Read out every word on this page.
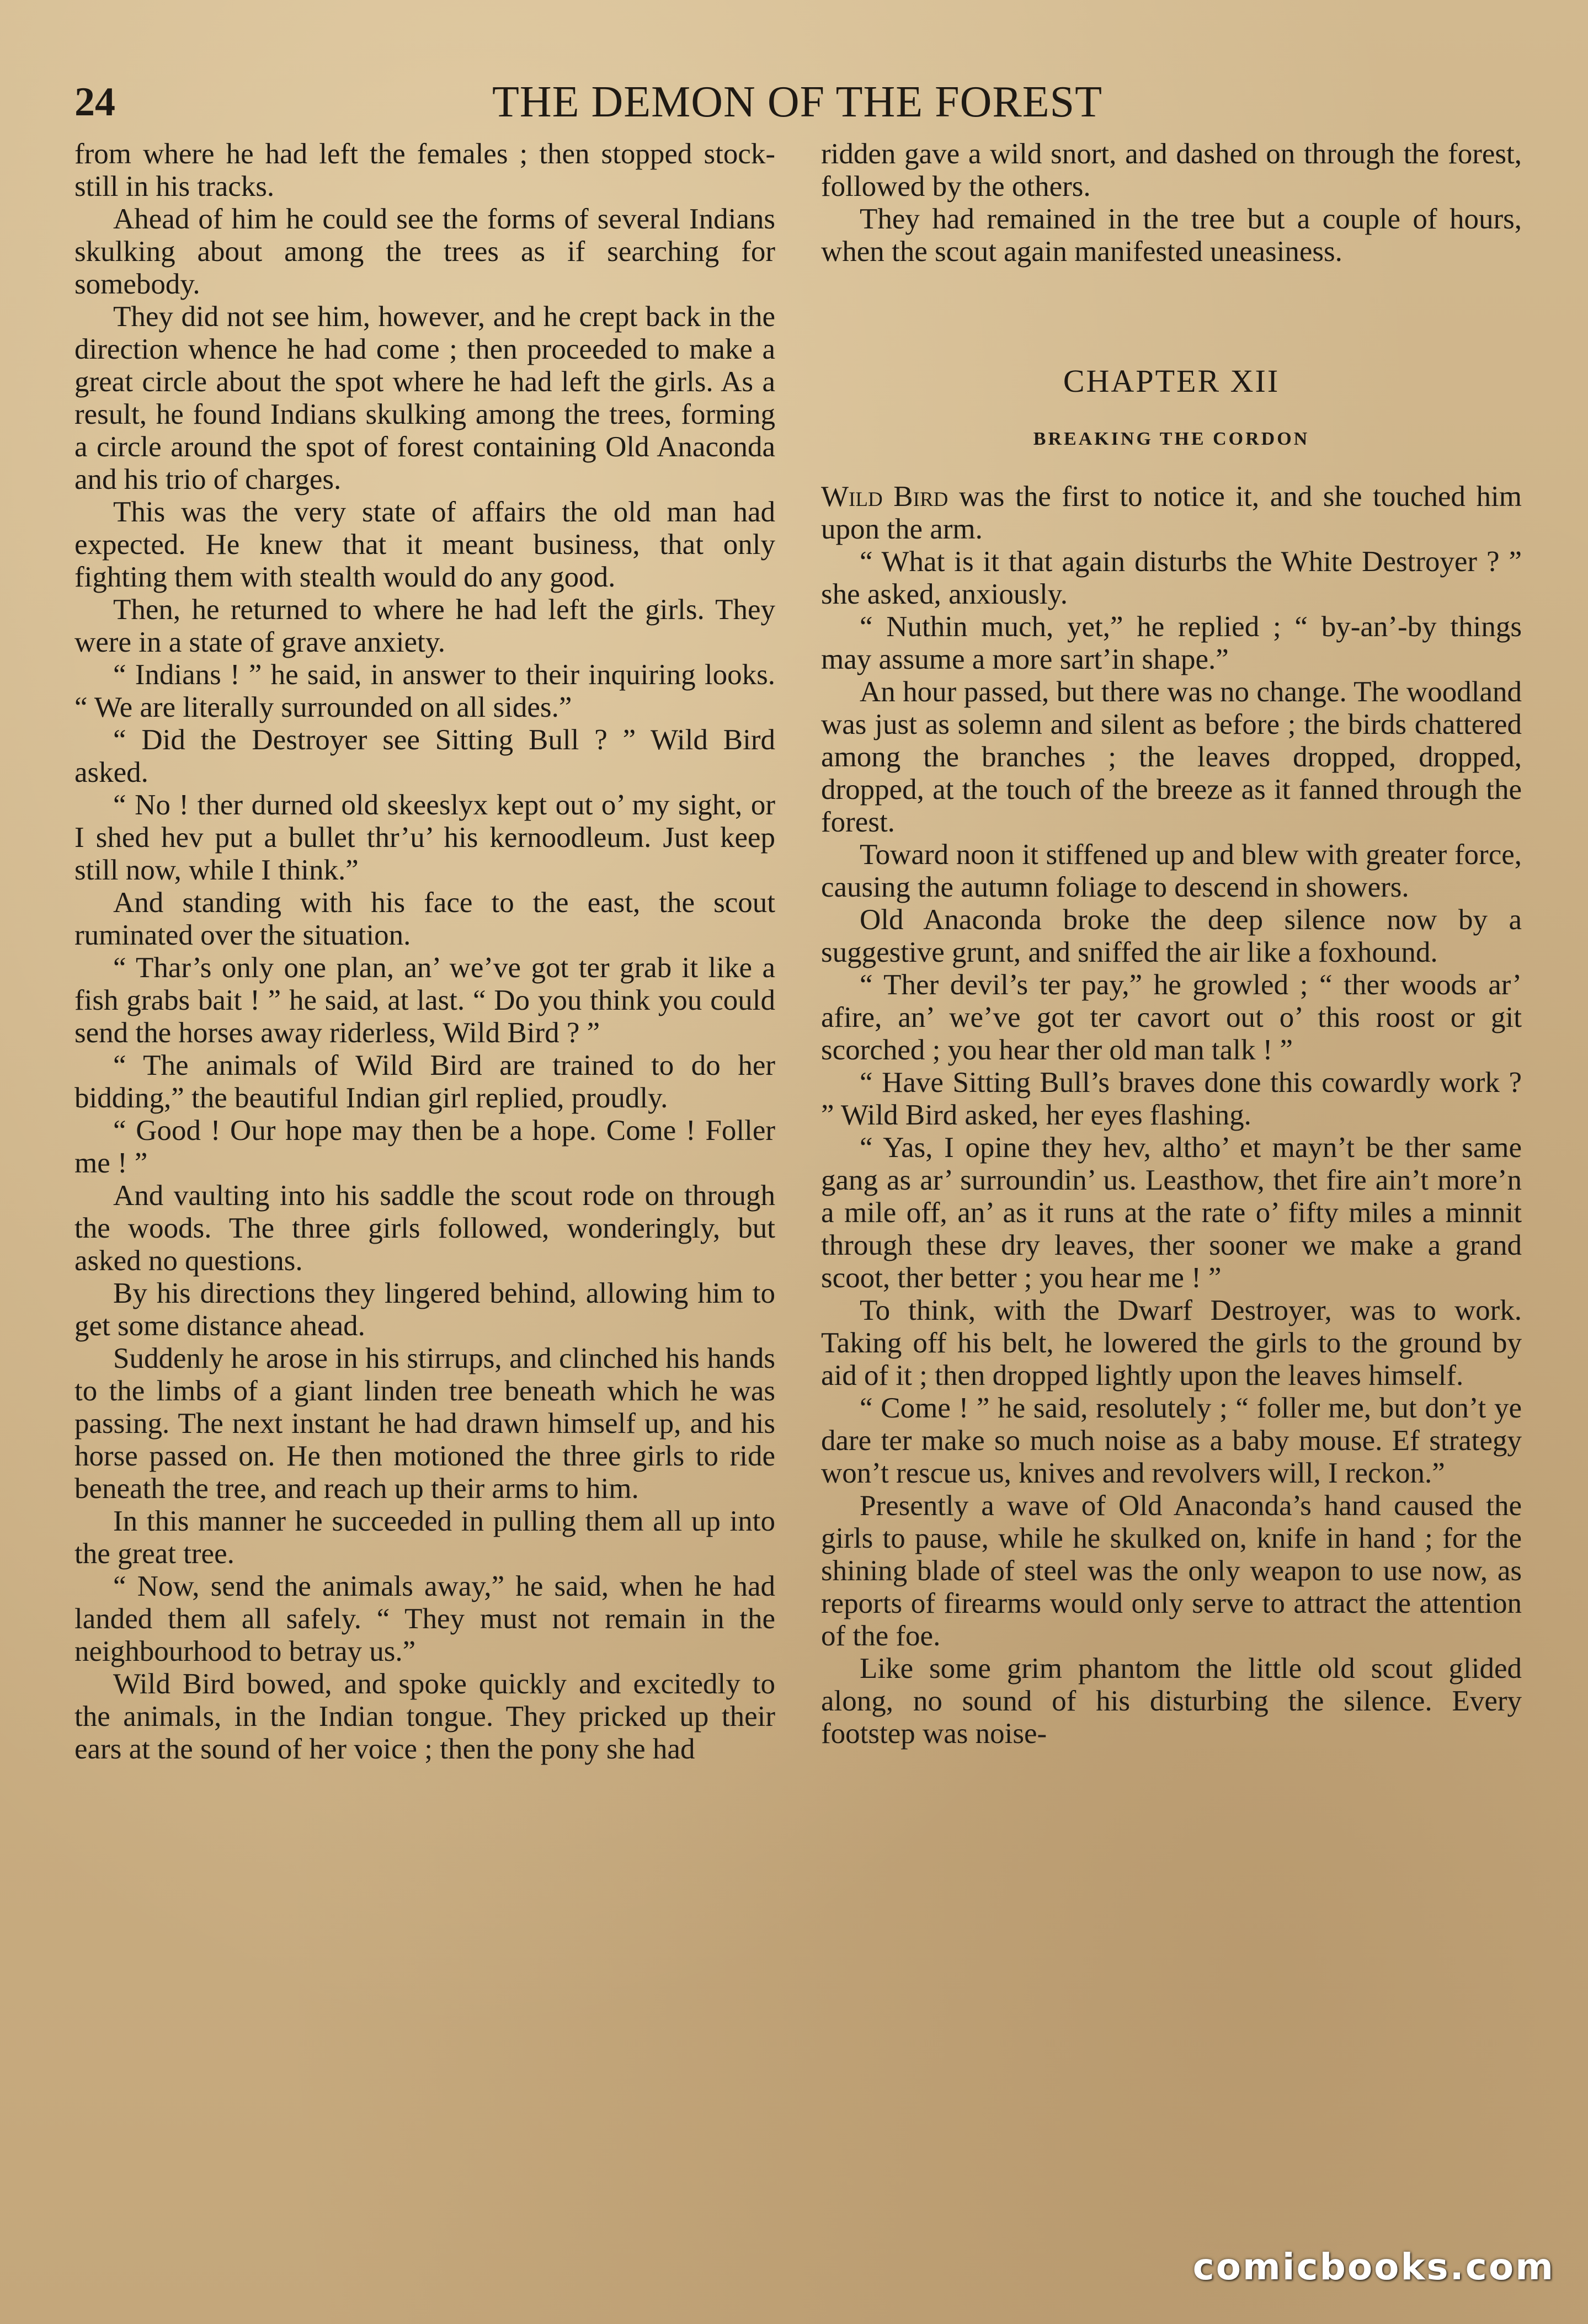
24	THE DEMON OF THE FOREST

from where he had left the females ; then stopped stock-still in his tracks.

Ahead of him he could see the forms of several Indians skulking about among the trees as if searching for somebody.

They did not see him, however, and he crept back in the direction whence he had come ; then proceeded to make a great circle about the spot where he had left the girls. As a result, he found Indians skulking among the trees, forming a circle around the spot of forest containing Old Anaconda and his trio of charges.

This was the very state of affairs the old man had expected. He knew that it meant business, that only fighting them with stealth would do any good.

Then, he returned to where he had left the girls. They were in a state of grave anxiety.

“ Indians ! ” he said, in answer to their inquiring looks. “ We are literally surrounded on all sides.”

“ Did the Destroyer see Sitting Bull ? ” Wild Bird asked.

“ No ! ther durned old skeeslyx kept out o’ my sight, or I shed hev put a bullet thr’u’ his kernoodleum. Just keep still now, while I think.”

And standing with his face to the east, the scout ruminated over the situation.

“ Thar’s only one plan, an’ we’ve got ter grab it like a fish grabs bait ! ” he said, at last. “ Do you think you could send the horses away riderless, Wild Bird ? ”

“ The animals of Wild Bird are trained to do her bidding,” the beautiful Indian girl replied, proudly.

“ Good ! Our hope may then be a hope. Come ! Foller me ! ”

And vaulting into his saddle the scout rode on through the woods. The three girls followed, wonderingly, but asked no questions.

By his directions they lingered behind, allowing him to get some distance ahead.

Suddenly he arose in his stirrups, and clinched his hands to the limbs of a giant linden tree beneath which he was passing. The next instant he had drawn himself up, and his horse passed on. He then motioned the three girls to ride beneath the tree, and reach up their arms to him.

In this manner he succeeded in pulling them all up into the great tree.

“ Now, send the animals away,” he said, when he had landed them all safely. “ They must not remain in the neighbourhood to betray us.”

Wild Bird bowed, and spoke quickly and excitedly to the animals, in the Indian tongue. They pricked up their ears at the sound of her voice ; then the pony she had

ridden gave a wild snort, and dashed on through the forest, followed by the others.

They had remained in the tree but a couple of hours, when the scout again manifested uneasiness.

CHAPTER XII
BREAKING THE CORDON

Wild Bird was the first to notice it, and she touched him upon the arm.

“ What is it that again disturbs the White Destroyer ? ” she asked, anxiously.

“ Nuthin much, yet,” he replied ; “ by-an’-by things may assume a more sart’in shape.”

An hour passed, but there was no change. The woodland was just as solemn and silent as before ; the birds chattered among the branches ; the leaves dropped, dropped, dropped, at the touch of the breeze as it fanned through the forest.

Toward noon it stiffened up and blew with greater force, causing the autumn foliage to descend in showers.

Old Anaconda broke the deep silence now by a suggestive grunt, and sniffed the air like a foxhound.

“ Ther devil’s ter pay,” he growled ; “ ther woods ar’ afire, an’ we’ve got ter cavort out o’ this roost or git scorched ; you hear ther old man talk ! ”

“ Have Sitting Bull’s braves done this cowardly work ? ” Wild Bird asked, her eyes flashing.

“ Yas, I opine they hev, altho’ et mayn’t be ther same gang as ar’ surroundin’ us. Leasthow, thet fire ain’t more’n a mile off, an’ as it runs at the rate o’ fifty miles a minnit through these dry leaves, ther sooner we make a grand scoot, ther better ; you hear me ! ”

To think, with the Dwarf Destroyer, was to work. Taking off his belt, he lowered the girls to the ground by aid of it ; then dropped lightly upon the leaves himself.

“ Come ! ” he said, resolutely ; “ foller me, but don’t ye dare ter make so much noise as a baby mouse. Ef strategy won’t rescue us, knives and revolvers will, I reckon.”

Presently a wave of Old Anaconda’s hand caused the girls to pause, while he skulked on, knife in hand ; for the shining blade of steel was the only weapon to use now, as reports of firearms would only serve to attract the attention of the foe.

Like some grim phantom the little old scout glided along, no sound of his disturbing the silence. Every footstep was noise-

comicbooks.com
